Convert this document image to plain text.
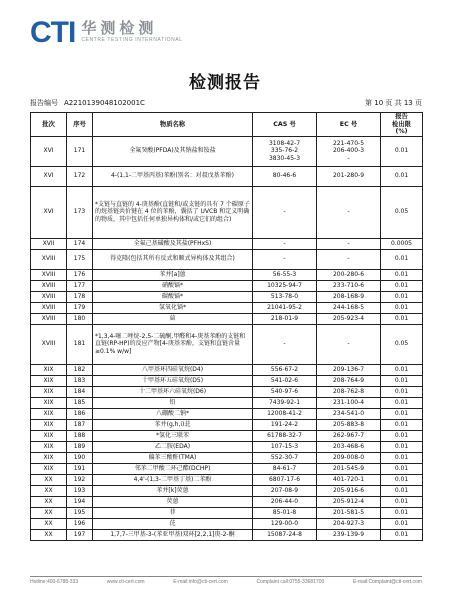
CTI 华测检测
CENTRE TESTING INTERNATIONAL
检测报告
报告编号 A2210139048102001C	第 10 页 共 13 页
批次	序号	物质名称	CAS 号	EC 号	报告
检出限
(%)
XVI	171	全氟癸酸(PFDA)及其钠盐和铵盐	3108-42-7
335-76-2
3830-45-3	221-470-5
206-400-3
-	0.01
XVI	172	4-(1,1-二甲基丙基)苯酚(别名：对叔戊基苯酚)	80-46-6	201-280-9	0.01
XVI	173	*支链与直链的 4-庚基酚(直链和/或支链的具有 7 个碳原子的烷基链共价键在 4 位的苯酚，囊括了 UVCB 和定义明确的物质，其中包括任何单独异构体和/或它们的组合)	-	-	0.05
XVII	174	全氟己基磺酸及其盐(PFHxS)	-	-	0.0005
XVIII	175	得克隆(包括其所有反式和顺式异构体及其组合)	-	-	0.01
XVIII	176	苯并[a]蒽	56-55-3	200-280-6	0.01
XVIII	177	硝酸镉*	10325-94-7	233-710-6	0.01
XVIII	178	碳酸镉*	513-78-0	208-168-9	0.01
XVIII	179	氢氧化镉*	21041-95-2	244-168-5	0.01
XVIII	180	䓛	218-01-9	205-923-4	0.01
XVIII	181	*1,3,4-噻二唑烷-2,5-二硫酮,甲醛和4-庚基苯酚的支链和直链(RP-HP)的反应产物[4-庚基苯酚，支链和直链含量≥0.1% w/w]	-	-	0.05
XIX	182	八甲基环四硅氧烷(D4)	556-67-2	209-136-7	0.01
XIX	183	十甲基环五硅氧烷(D5)	541-02-6	208-764-9	0.01
XIX	184	十二甲基环六硅氧烷(D6)	540-97-6	208-762-8	0.01
XIX	185	铅	7439-92-1	231-100-4	0.01
XIX	186	八硼酸二钠*	12008-41-2	234-541-0	0.01
XIX	187	苯并(g,h,i)苝	191-24-2	205-883-8	0.01
XIX	188	*氢化三联苯	61788-32-7	262-967-7	0.01
XIX	189	乙二胺(EDA)	107-15-3	203-468-6	0.01
XIX	190	偏苯三酸酐(TMA)	552-30-7	209-008-0	0.01
XIX	191	邻苯二甲酸二环己酯(DCHP)	84-61-7	201-545-9	0.01
XX	192	4,4'-(1,3-二甲基丁基)二苯酚	6807-17-6	401-720-1	0.01
XX	193	苯并[k]荧蒽	207-08-9	205-916-6	0.01
XX	194	荧蒽	206-44-0	205-912-4	0.01
XX	195	菲	85-01-8	201-581-5	0.01
XX	196	芘	129-00-0	204-927-3	0.01
XX	197	1,7,7-三甲基-3-(苯亚甲基)双环[2,2,1]庚-2-酮	15087-24-8	239-139-9	0.01
Hotline:400-6788-333	www.cti-cert.com	E-mail:info@cti-cert.com	Complaint call:0755-33681700	E-mail:Complaint@cti-cert.com
